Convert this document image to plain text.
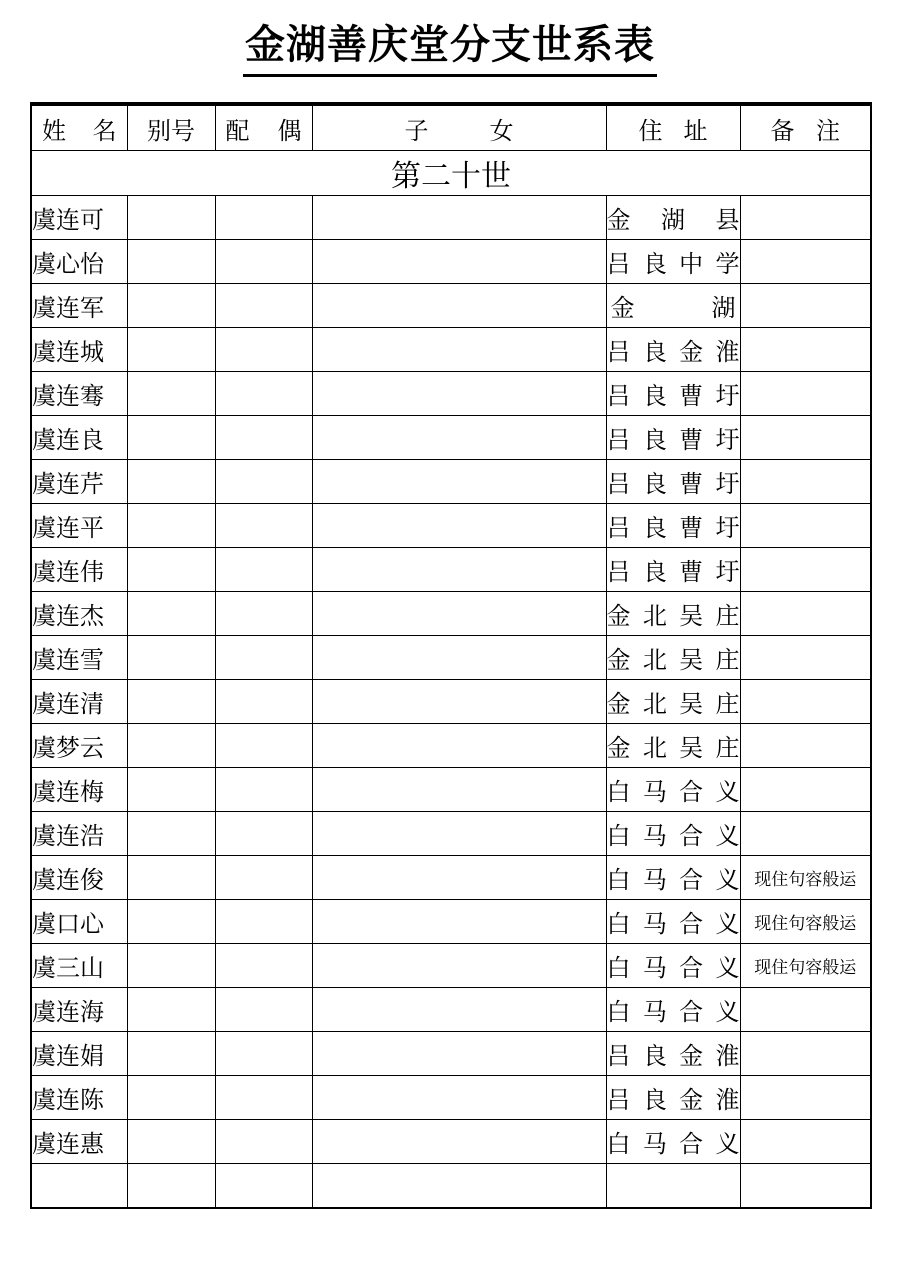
金湖善庆堂分支世系表
姓 名	别号	配 偶	子 女	住 址	备 注

第二十世					
虞连可				金 湖 县	

虞心怡				吕 良 中 学	

虞连军				金 湖	

虞连城				吕 良 金 淮	

虞连骞				吕 良 曹 圩	

虞连良				吕 良 曹 圩	

虞连芹				吕 良 曹 圩	

虞连平				吕 良 曹 圩	

虞连伟				吕 良 曹 圩	

虞连杰				金 北 吴 庄	

虞连雪				金 北 吴 庄	

虞连清				金 北 吴 庄	

虞梦云				金 北 吴 庄	

虞连梅				白 马 合 义	

虞连浩				白 马 合 义	

虞连俊				白 马 合 义	现住句容般运
虞口心				白 马 合 义	现住句容般运
虞三山				白 马 合 义	现住句容般运
虞连海				白 马 合 义	

虞连娟				吕 良 金 淮	

虞连陈				吕 良 金 淮	

虞连惠				白 马 合 义	
